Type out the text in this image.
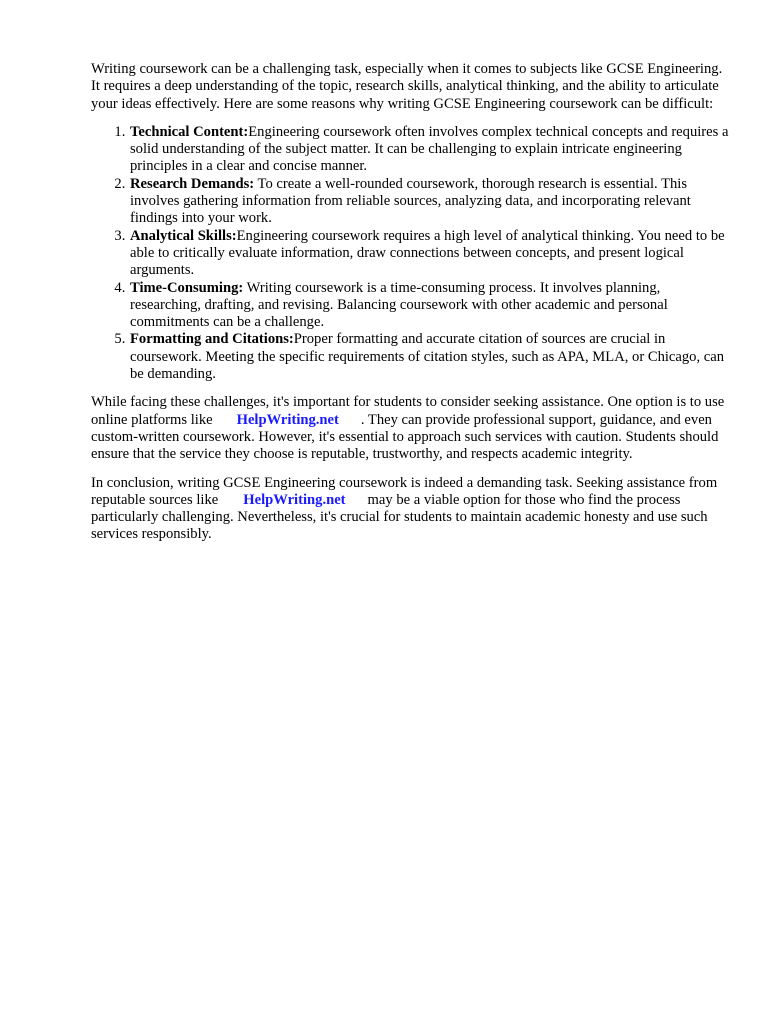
Writing coursework can be a challenging task, especially when it comes to subjects like GCSE Engineering. It requires a deep understanding of the topic, research skills, analytical thinking, and the ability to articulate your ideas effectively. Here are some reasons why writing GCSE Engineering coursework can be difficult:

1. Technical Content:Engineering coursework often involves complex technical concepts and requires a solid understanding of the subject matter. It can be challenging to explain intricate engineering principles in a clear and concise manner.
2. Research Demands: To create a well-rounded coursework, thorough research is essential. This involves gathering information from reliable sources, analyzing data, and incorporating relevant findings into your work.
3. Analytical Skills:Engineering coursework requires a high level of analytical thinking. You need to be able to critically evaluate information, draw connections between concepts, and present logical arguments.
4. Time-Consuming: Writing coursework is a time-consuming process. It involves planning, researching, drafting, and revising. Balancing coursework with other academic and personal commitments can be a challenge.
5. Formatting and Citations:Proper formatting and accurate citation of sources are crucial in coursework. Meeting the specific requirements of citation styles, such as APA, MLA, or Chicago, can be demanding.

While facing these challenges, it's important for students to consider seeking assistance. One option is to use online platforms like HelpWriting.net . They can provide professional support, guidance, and even custom-written coursework. However, it's essential to approach such services with caution. Students should ensure that the service they choose is reputable, trustworthy, and respects academic integrity.

In conclusion, writing GCSE Engineering coursework is indeed a demanding task. Seeking assistance from reputable sources like HelpWriting.net may be a viable option for those who find the process particularly challenging. Nevertheless, it's crucial for students to maintain academic honesty and use such services responsibly.
